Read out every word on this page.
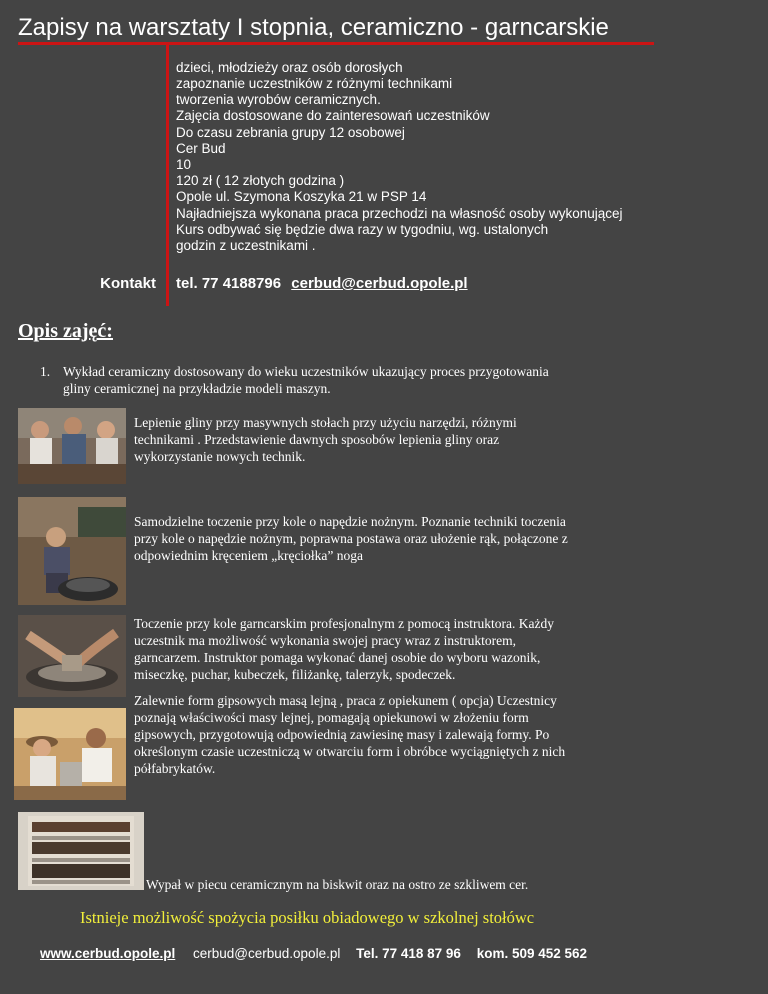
Zapisy na warsztaty I stopnia, ceramiczno - garncarskie
dzieci, młodzieży oraz osób dorosłych
zapoznanie uczestników z różnymi technikami
tworzenia wyrobów ceramicznych.
Zajęcia dostosowane do zainteresowań uczestników
Do czasu zebrania grupy 12 osobowej
Cer Bud
10
120 zł ( 12 złotych godzina )
Opole ul. Szymona Koszyka 21 w PSP 14
Najładniejsza wykonana praca przechodzi na własność osoby wykonującej
Kurs odbywać się będzie dwa razy w tygodniu, wg. ustalonych
godzin z uczestnikami .
Kontakt tel. 77 4188796 cerbud@cerbud.opole.pl
Opis zajęć:
1. Wykład ceramiczny dostosowany do wieku uczestników ukazujący proces przygotowania
gliny ceramicznej na przykładzie modeli maszyn.
Lepienie gliny przy masywnych stołach przy użyciu narzędzi, różnymi
technikami . Przedstawienie dawnych sposobów lepienia gliny oraz
wykorzystanie nowych technik.
Samodzielne toczenie przy kole o napędzie nożnym. Poznanie techniki toczenia
przy kole o napędzie nożnym, poprawna postawa oraz ułożenie rąk, połączone z
odpowiednim kręceniem „kręciołka” noga
Toczenie przy kole garncarskim profesjonalnym z pomocą instruktora. Każdy
uczestnik ma możliwość wykonania swojej pracy wraz z instruktorem,
garncarzem. Instruktor pomaga wykonać danej osobie do wyboru wazonik,
miseczkę, puchar, kubeczek, filiżankę, talerzyk, spodeczek.
Zalewnie form gipsowych masą lejną , praca z opiekunem ( opcja) Uczestnicy
poznają właściwości masy lejnej, pomagają opiekunowi w złożeniu form
gipsowych, przygotowują odpowiednią zawiesinę masy i zalewają formy. Po
określonym czasie uczestniczą w otwarciu form i obróbce wyciągniętych z nich
półfabrykatów.
Wypał w piecu ceramicznym na biskwit oraz na ostro ze szkliwem cer.
Istnieje możliwość spożycia posiłku obiadowego w szkolnej stołówc
www.cerbud.opole.pl cerbud@cerbud.opole.pl Tel. 77 418 87 96 kom. 509 452 562
